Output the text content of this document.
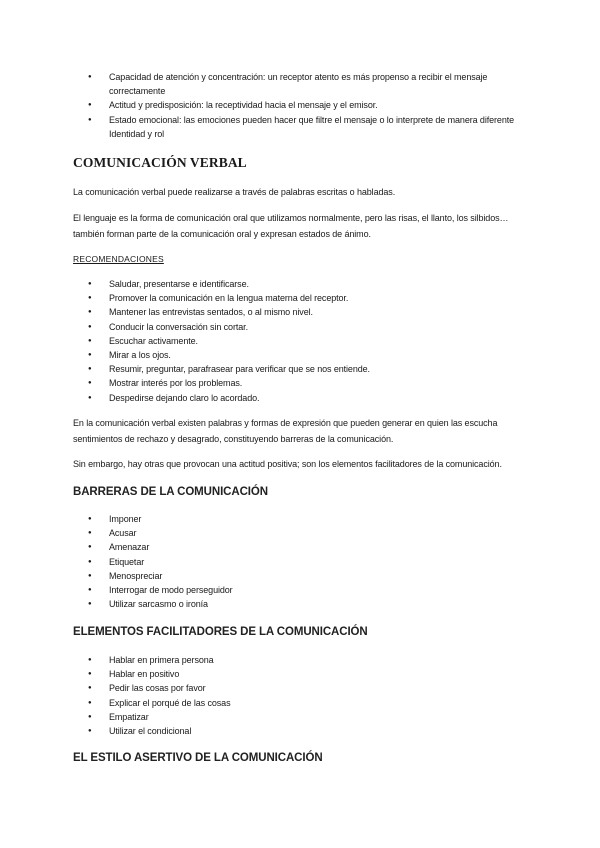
● Capacidad de atención y concentración: un receptor atento es más propenso a recibir el mensaje correctamente
● Actitud y predisposición: la receptividad hacia el mensaje y el emisor.
● Estado emocional: las emociones pueden hacer que filtre el mensaje o lo interprete de manera diferente Identidad y rol
COMUNICACIÓN VERBAL
La comunicación verbal puede realizarse a través de palabras escritas o habladas.
El lenguaje es la forma de comunicación oral que utilizamos normalmente, pero las risas, el llanto, los silbidos… también forman parte de la comunicación oral y expresan estados de ánimo.
RECOMENDACIONES
● Saludar, presentarse e identificarse.
● Promover la comunicación en la lengua materna del receptor.
● Mantener las entrevistas sentados, o al mismo nivel.
● Conducir la conversación sin cortar.
● Escuchar activamente.
● Mirar a los ojos.
● Resumir, preguntar, parafrasear para verificar que se nos entiende.
● Mostrar interés por los problemas.
● Despedirse dejando claro lo acordado.
En la comunicación verbal existen palabras y formas de expresión que pueden generar en quien las escucha sentimientos de rechazo y desagrado, constituyendo barreras de la comunicación.
Sin embargo, hay otras que provocan una actitud positiva; son los elementos facilitadores de la comunicación.
BARRERAS DE LA COMUNICACIÓN
● Imponer
● Acusar
● Amenazar
● Etiquetar
● Menospreciar
● Interrogar de modo perseguidor
● Utilizar sarcasmo o ironía
ELEMENTOS FACILITADORES DE LA COMUNICACIÓN
● Hablar en primera persona
● Hablar en positivo
● Pedir las cosas por favor
● Explicar el porqué de las cosas
● Empatizar
● Utilizar el condicional
EL ESTILO ASERTIVO DE LA COMUNICACIÓN
